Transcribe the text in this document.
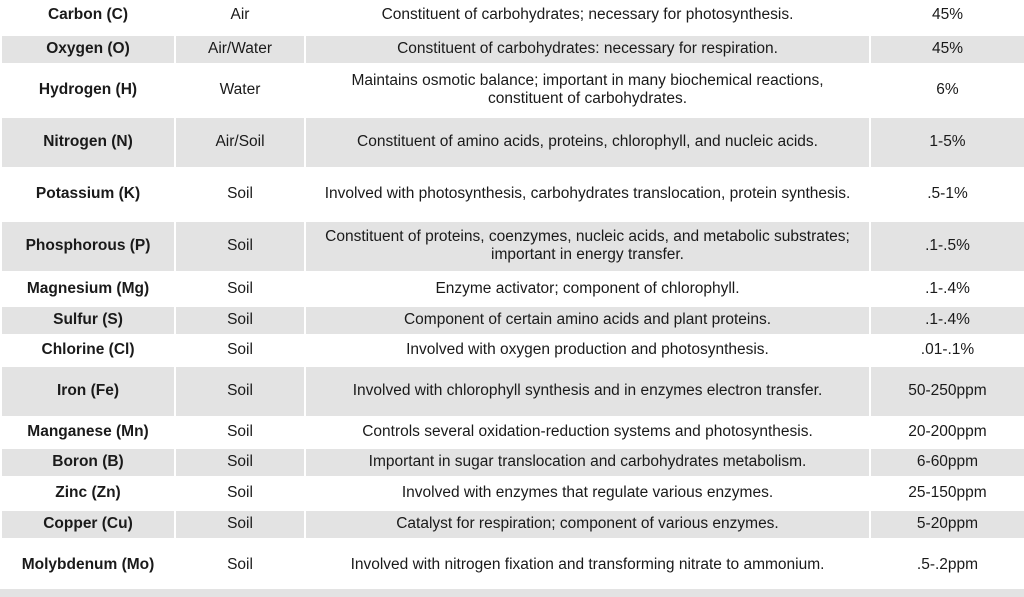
Carbon (C)	Air	Constituent of carbohydrates; necessary for photosynthesis.	45%
Oxygen (O)	Air/Water	Constituent of carbohydrates: necessary for respiration.	45%
Hydrogen (H)	Water	Maintains osmotic balance; important in many biochemical reactions, constituent of carbohydrates.	6%
Nitrogen (N)	Air/Soil	Constituent of amino acids, proteins, chlorophyll, and nucleic acids.	1-5%
Potassium (K)	Soil	Involved with photosynthesis, carbohydrates translocation, protein synthesis.	.5-1%
Phosphorous (P)	Soil	Constituent of proteins, coenzymes, nucleic acids, and metabolic substrates; important in energy transfer.	.1-.5%
Magnesium (Mg)	Soil	Enzyme activator; component of chlorophyll.	.1-.4%
Sulfur (S)	Soil	Component of certain amino acids and plant proteins.	.1-.4%
Chlorine (Cl)	Soil	Involved with oxygen production and photosynthesis.	.01-.1%
Iron (Fe)	Soil	Involved with chlorophyll synthesis and in enzymes electron transfer.	50-250ppm
Manganese (Mn)	Soil	Controls several oxidation-reduction systems and photosynthesis.	20-200ppm
Boron (B)	Soil	Important in sugar translocation and carbohydrates metabolism.	6-60ppm
Zinc (Zn)	Soil	Involved with enzymes that regulate various enzymes.	25-150ppm
Copper (Cu)	Soil	Catalyst for respiration; component of various enzymes.	5-20ppm
Molybdenum (Mo)	Soil	Involved with nitrogen fixation and transforming nitrate to ammonium.	.5-.2ppm
